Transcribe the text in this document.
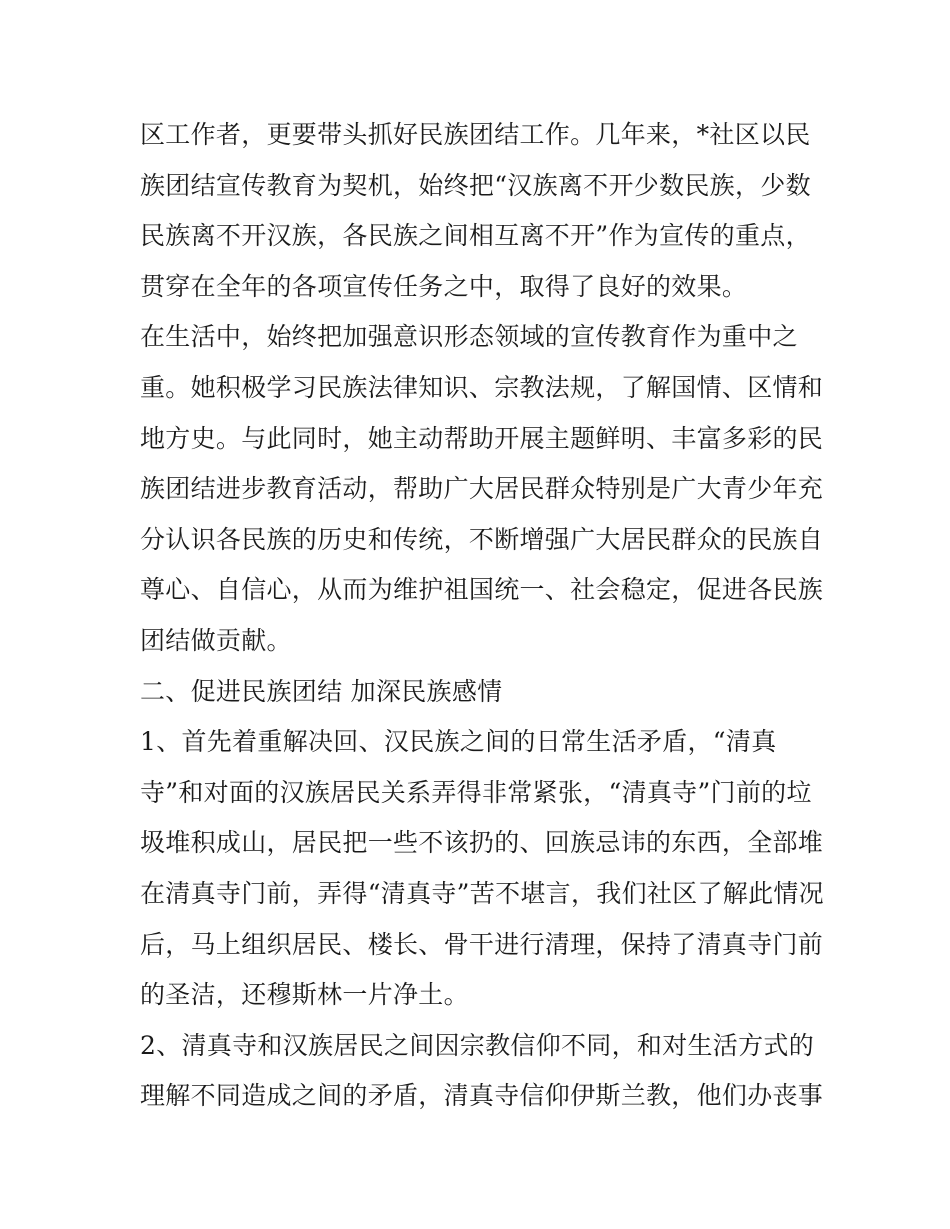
区工作者，更要带头抓好民族团结工作。几年来，*社区以民
族团结宣传教育为契机，始终把“汉族离不开少数民族，少数
民族离不开汉族，各民族之间相互离不开”作为宣传的重点，
贯穿在全年的各项宣传任务之中，取得了良好的效果。
在生活中，始终把加强意识形态领域的宣传教育作为重中之
重。她积极学习民族法律知识、宗教法规，了解国情、区情和
地方史。与此同时，她主动帮助开展主题鲜明、丰富多彩的民
族团结进步教育活动，帮助广大居民群众特别是广大青少年充
分认识各民族的历史和传统，不断增强广大居民群众的民族自
尊心、自信心，从而为维护祖国统一、社会稳定，促进各民族
团结做贡献。
二、促进民族团结 加深民族感情
1、首先着重解决回、汉民族之间的日常生活矛盾，“清真
寺”和对面的汉族居民关系弄得非常紧张，“清真寺”门前的垃
圾堆积成山，居民把一些不该扔的、回族忌讳的东西，全部堆
在清真寺门前，弄得“清真寺”苦不堪言，我们社区了解此情况
后，马上组织居民、楼长、骨干进行清理，保持了清真寺门前
的圣洁，还穆斯林一片净土。
2、清真寺和汉族居民之间因宗教信仰不同，和对生活方式的
理解不同造成之间的矛盾，清真寺信仰伊斯兰教，他们办丧事
